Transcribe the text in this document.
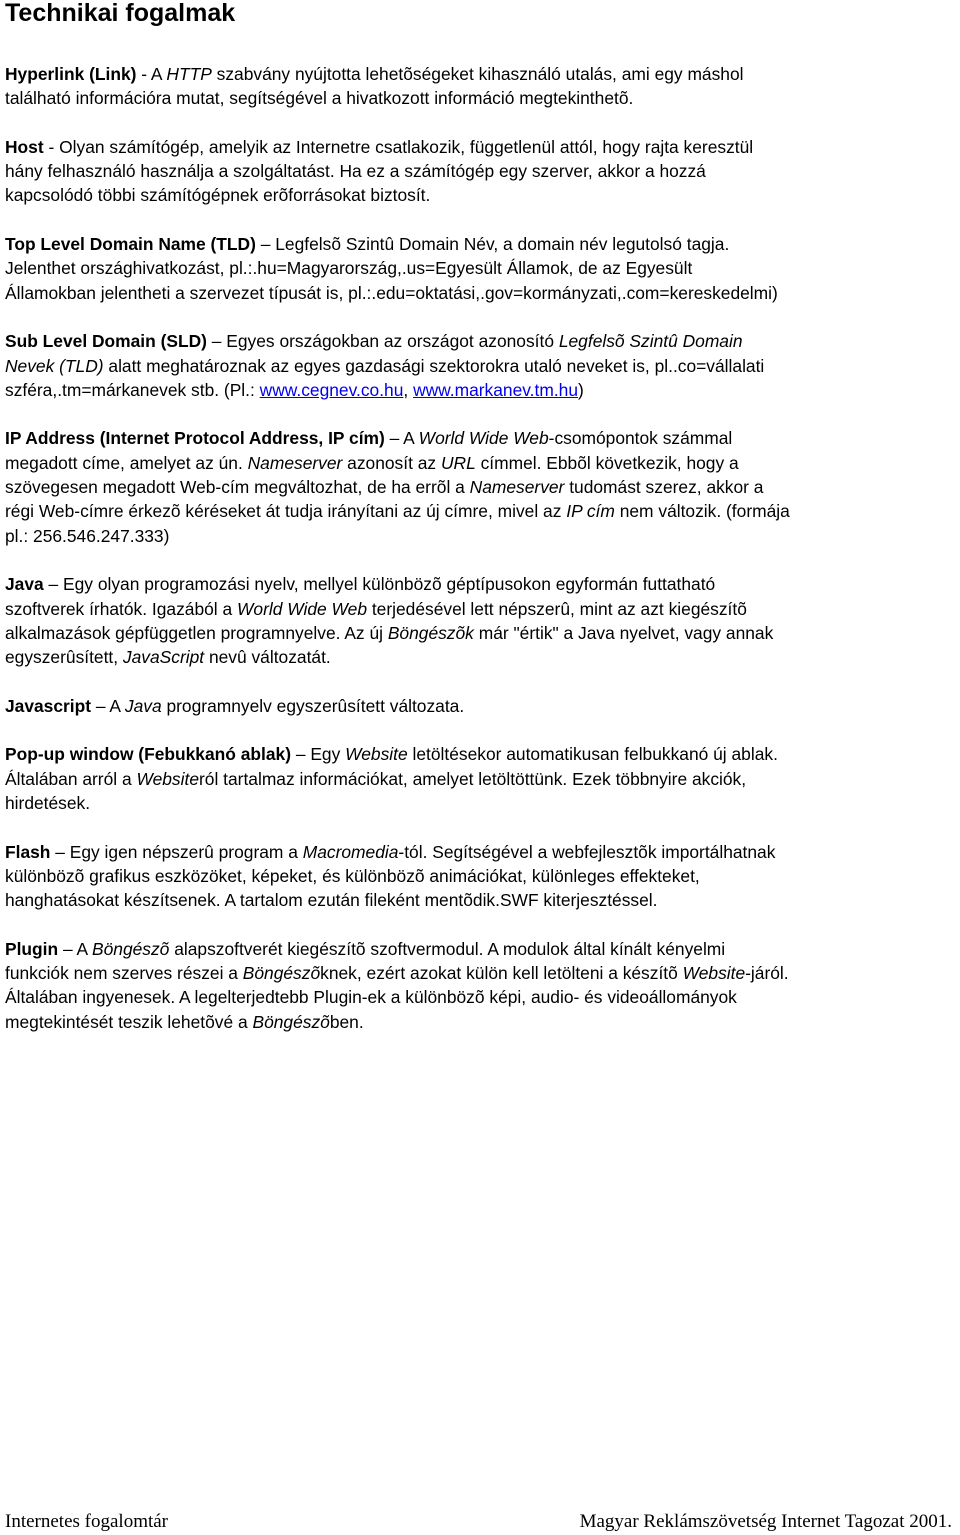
Technikai fogalmak

Hyperlink (Link) - A HTTP szabvány nyújtotta lehetõségeket kihasználó utalás, ami egy máshol
található információra mutat, segítségével a hivatkozott információ megtekinthetõ.

Host - Olyan számítógép, amelyik az Internetre csatlakozik, függetlenül attól, hogy rajta keresztül
hány felhasználó használja a szolgáltatást. Ha ez a számítógép egy szerver, akkor a hozzá
kapcsolódó többi számítógépnek erõforrásokat biztosít.

Top Level Domain Name (TLD) – Legfelsõ Szintû Domain Név, a domain név legutolsó tagja.
Jelenthet országhivatkozást, pl.:.hu=Magyarország,.us=Egyesült Államok, de az Egyesült
Államokban jelentheti a szervezet típusát is, pl.:.edu=oktatási,.gov=kormányzati,.com=kereskedelmi)

Sub Level Domain (SLD) – Egyes országokban az országot azonosító Legfelsõ Szintû Domain
Nevek (TLD) alatt meghatároznak az egyes gazdasági szektorokra utaló neveket is, pl..co=vállalati
szféra,.tm=márkanevek stb. (Pl.: www.cegnev.co.hu, www.markanev.tm.hu)

IP Address (Internet Protocol Address, IP cím) – A World Wide Web-csomópontok számmal
megadott címe, amelyet az ún. Nameserver azonosít az URL címmel. Ebbõl következik, hogy a
szövegesen megadott Web-cím megváltozhat, de ha errõl a Nameserver tudomást szerez, akkor a
régi Web-címre érkezõ kéréseket át tudja irányítani az új címre, mivel az IP cím nem változik. (formája
pl.: 256.546.247.333)

Java – Egy olyan programozási nyelv, mellyel különbözõ géptípusokon egyformán futtatható
szoftverek írhatók. Igazából a World Wide Web terjedésével lett népszerû, mint az azt kiegészítõ
alkalmazások gépfüggetlen programnyelve. Az új Böngészõk már "értik" a Java nyelvet, vagy annak
egyszerûsített, JavaScript nevû változatát.

Javascript – A Java programnyelv egyszerûsített változata.

Pop-up window (Febukkanó ablak) – Egy Website letöltésekor automatikusan felbukkanó új ablak.
Általában arról a Websiteról tartalmaz információkat, amelyet letöltöttünk. Ezek többnyire akciók,
hirdetések.

Flash – Egy igen népszerû program a Macromedia-tól. Segítségével a webfejlesztõk importálhatnak
különbözõ grafikus eszközöket, képeket, és különbözõ animációkat, különleges effekteket,
hanghatásokat készítsenek. A tartalom ezután fileként mentõdik.SWF kiterjesztéssel.

Plugin – A Böngészõ alapszoftverét kiegészítõ szoftvermodul. A modulok által kínált kényelmi
funkciók nem szerves részei a Böngészõknek, ezért azokat külön kell letölteni a készítõ Website-járól.
Általában ingyenesek. A legelterjedtebb Plugin-ek a különbözõ képi, audio- és videoállományok
megtekintését teszik lehetõvé a Böngészõben.

Internetes fogalomtár	Magyar Reklámszövetség Internet Tagozat 2001.
